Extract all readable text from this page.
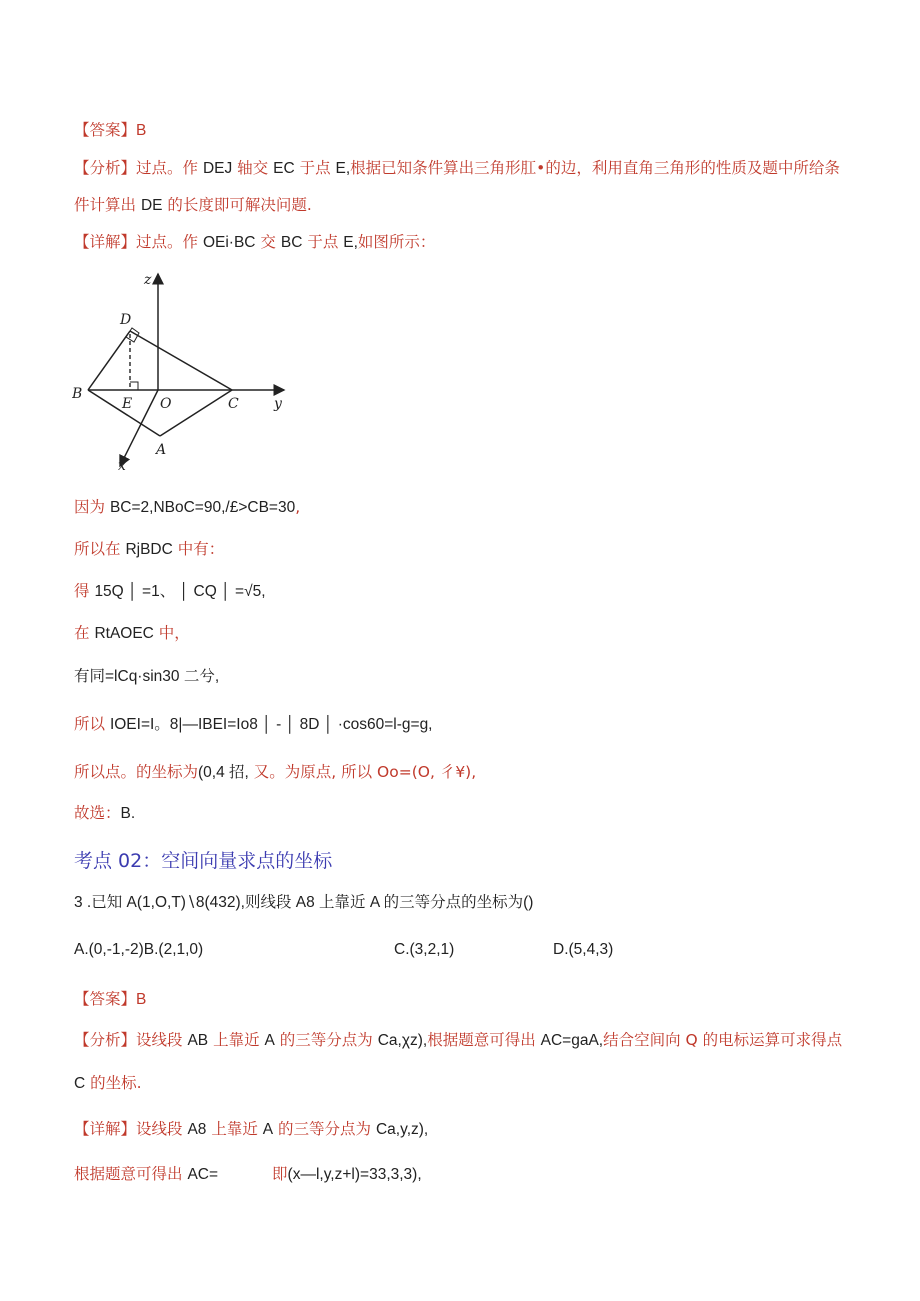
【答案】B
【分析】过点。作 DEJ 轴交 EC 于点 E,根据已知条件算出三角形肛•的边，利用直角三角形的性质及题中所给条
件计算出 DE 的长度即可解决问题.
【详解】过点。作 OEi·BC 交 BC 于点 E,如图所示：
z
D
B
E O	C	y
A
x
因为 BC=2,NBoC=90,/£>CB=30,
所以在 RjBDC 中有：
得 15Q │ =1、 │ CQ │ =√5,
在 RtAOEC 中，
有同=lCq·sin30 二兮,
所以 IOEI=I。8|—IBEI=Io8 │ - │ 8D │ ·cos60=l-g=g,
所以点。的坐标为(0,4 招, 又。为原点, 所以 Oo=(O, 彳¥),
故选：B.
考点 02：空间向量求点的坐标
3 .已知 A(1,O,T)∖8(432),则线段 A8 上靠近 A 的三等分点的坐标为()
A.(0,-1,-2)B.(2,1,0)	C.(3,2,1)	D.(5,4,3)
【答案】B
【分析】设线段 AB 上靠近 A 的三等分点为 Ca,χz),根据题意可得出 AC=gaA,结合空间向 Q 的电标运算可求得点
C 的坐标.
【详解】设线段 A8 上靠近 A 的三等分点为 Ca,y,z),
根据题意可得出 AC=	即(x—l,y,z+l)=33,3,3),
